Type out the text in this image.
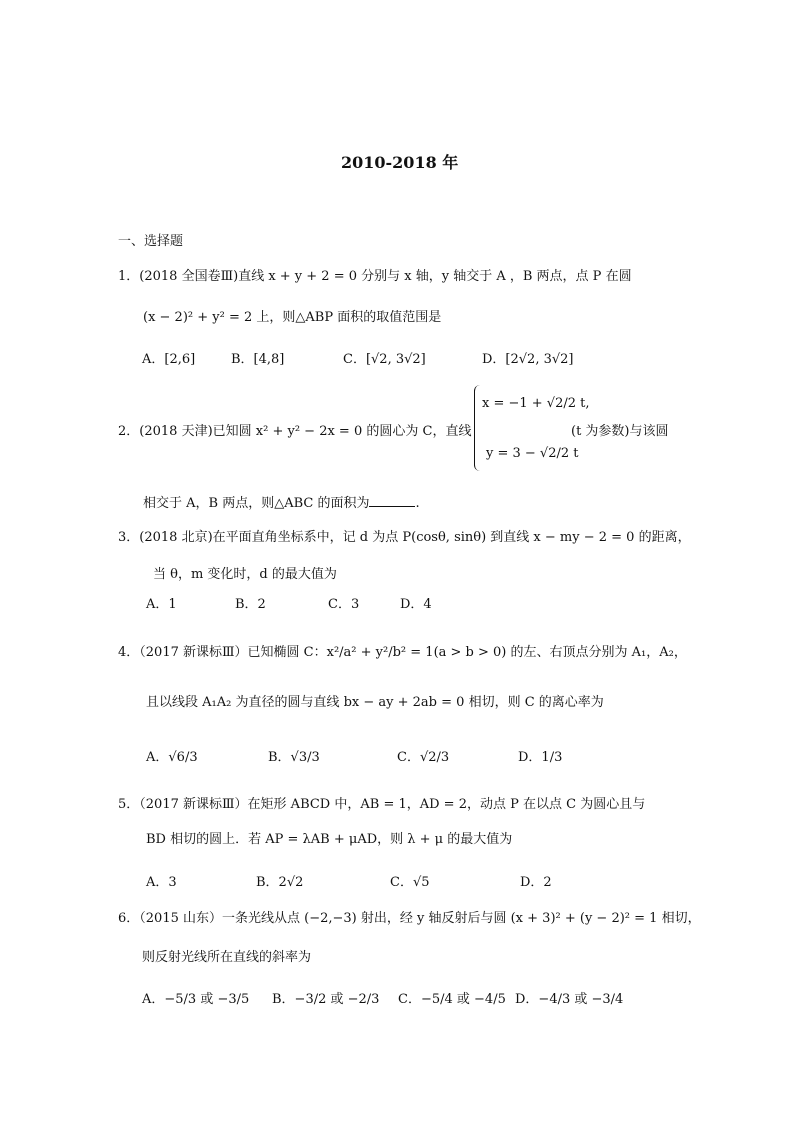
2010-2018 年
一、选择题
1．(2018 全国卷Ⅲ)直线 x + y + 2 = 0 分别与 x 轴，y 轴交于 A ，B 两点，点 P 在圆
(x − 2)² + y² = 2 上，则△ABP 面积的取值范围是
A．[2,6]	B．[4,8]	C．[√2, 3√2]	D．[2√2, 3√2]
2．(2018 天津)已知圆 x² + y² − 2x = 0 的圆心为 C，直线
x = −1 + √2/2 t,
y = 3 − √2/2 t
(t 为参数)与该圆
相交于 A，B 两点，则△ABC 的面积为	.
3．(2018 北京)在平面直角坐标系中，记 d 为点 P(cosθ, sinθ) 到直线 x − my − 2 = 0 的距离，
当 θ，m 变化时，d 的最大值为
A．1	B．2	C．3	D．4
4．（2017 新课标Ⅲ）已知椭圆 C：x²/a² + y²/b² = 1(a > b > 0) 的左、右顶点分别为 A₁，A₂，
且以线段 A₁A₂ 为直径的圆与直线 bx − ay + 2ab = 0 相切，则 C 的离心率为
A．√6/3	B．√3/3	C．√2/3	D．1/3
5．（2017 新课标Ⅲ）在矩形 ABCD 中，AB = 1，AD = 2，动点 P 在以点 C 为圆心且与
BD 相切的圆上．若 AP = λAB + μAD，则 λ + μ 的最大值为
A．3	B．2√2	C．√5	D．2
6．（2015 山东）一条光线从点 (−2,−3) 射出，经 y 轴反射后与圆 (x + 3)² + (y − 2)² = 1 相切，
则反射光线所在直线的斜率为
A．−5/3 或 −3/5 B．−3/2 或 −2/3 C．−5/4 或 −4/5 D．−4/3 或 −3/4
